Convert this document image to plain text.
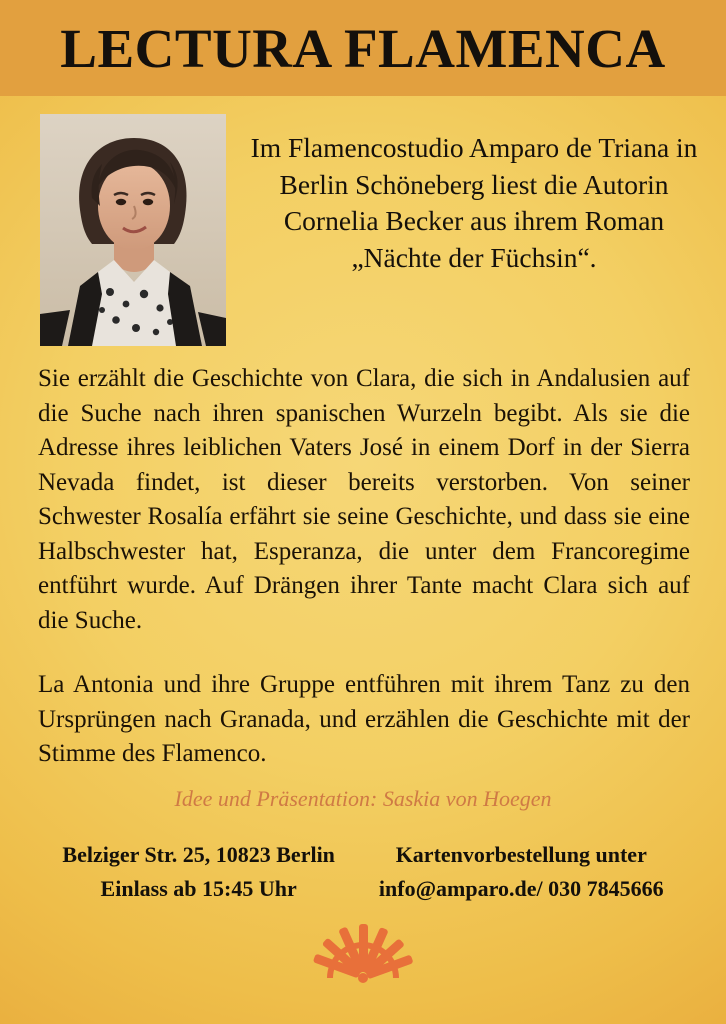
LECTURA FLAMENCA
Im Flamencostudio Amparo de Triana in Berlin Schöneberg liest die Autorin Cornelia Becker aus ihrem Roman „Nächte der Füchsin“.

Sie erzählt die Geschichte von Clara, die sich in Andalusien auf die Suche nach ihren spanischen Wurzeln begibt. Als sie die Adresse ihres leiblichen Vaters José in einem Dorf in der Sierra Nevada findet, ist dieser bereits verstorben. Von seiner Schwester Rosalía erfährt sie seine Geschichte, und dass sie eine Halbschwester hat, Esperanza, die unter dem Francoregime entführt wurde. Auf Drängen ihrer Tante macht Clara sich auf die Suche.

La Antonia und ihre Gruppe entführen mit ihrem Tanz zu den Ursprüngen nach Granada, und erzählen die Geschichte mit der Stimme des Flamenco.

Idee und Präsentation: Saskia von Hoegen
Belziger Str. 25, 10823 Berlin
Einlass ab 15:45 Uhr
Kartenvorbestellung unter
info@amparo.de/ 030 7845666
